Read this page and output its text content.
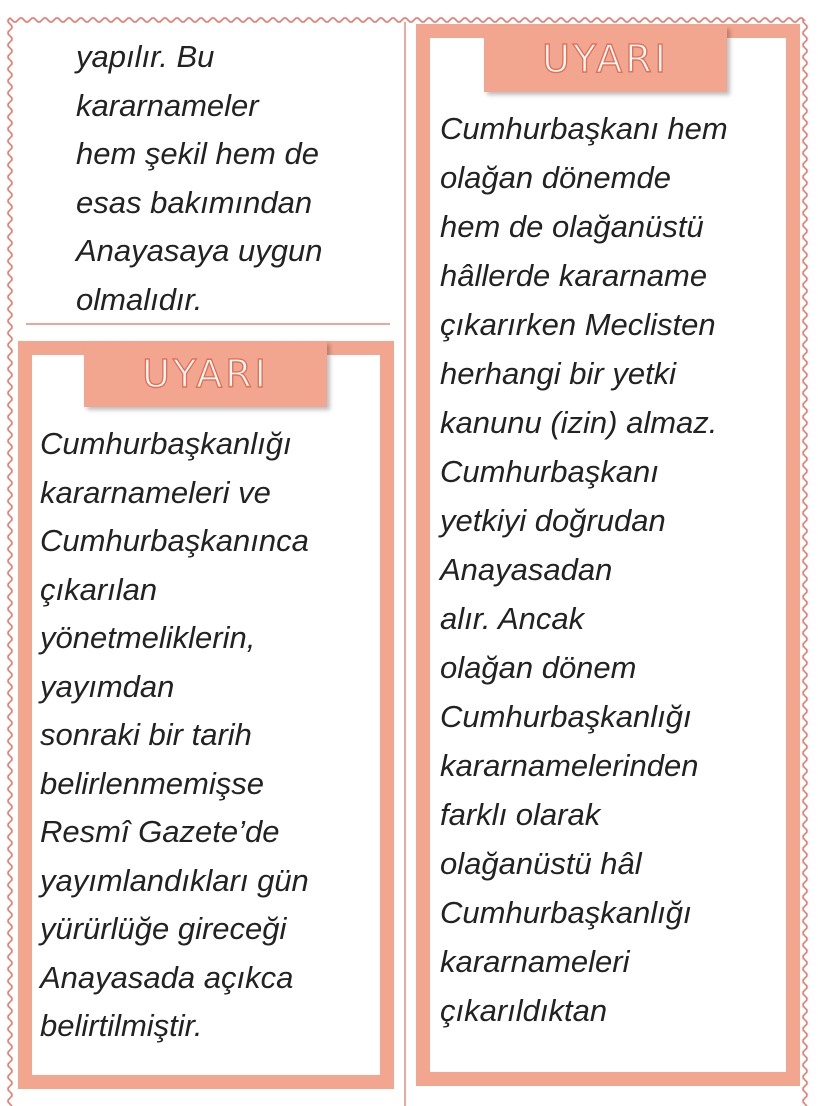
yapılır. Bu
kararnameler
hem şekil hem de
esas bakımından
Anayasaya uygun
olmalıdır.
UYARI
Cumhurbaşkanlığı
kararnameleri ve
Cumhurbaşkanınca
çıkarılan
yönetmeliklerin,
yayımdan
sonraki bir tarih
belirlenmemişse
Resmî Gazete’de
yayımlandıkları gün
yürürlüğe gireceği
Anayasada açıkca
belirtilmiştir.
UYARI
Cumhurbaşkanı hem
olağan dönemde
hem de olağanüstü
hâllerde kararname
çıkarırken Meclisten
herhangi bir yetki
kanunu (izin) almaz.
Cumhurbaşkanı
yetkiyi doğrudan
Anayasadan
alır. Ancak
olağan dönem
Cumhurbaşkanlığı
kararnamelerinden
farklı olarak
olağanüstü hâl
Cumhurbaşkanlığı
kararnameleri
çıkarıldıktan
